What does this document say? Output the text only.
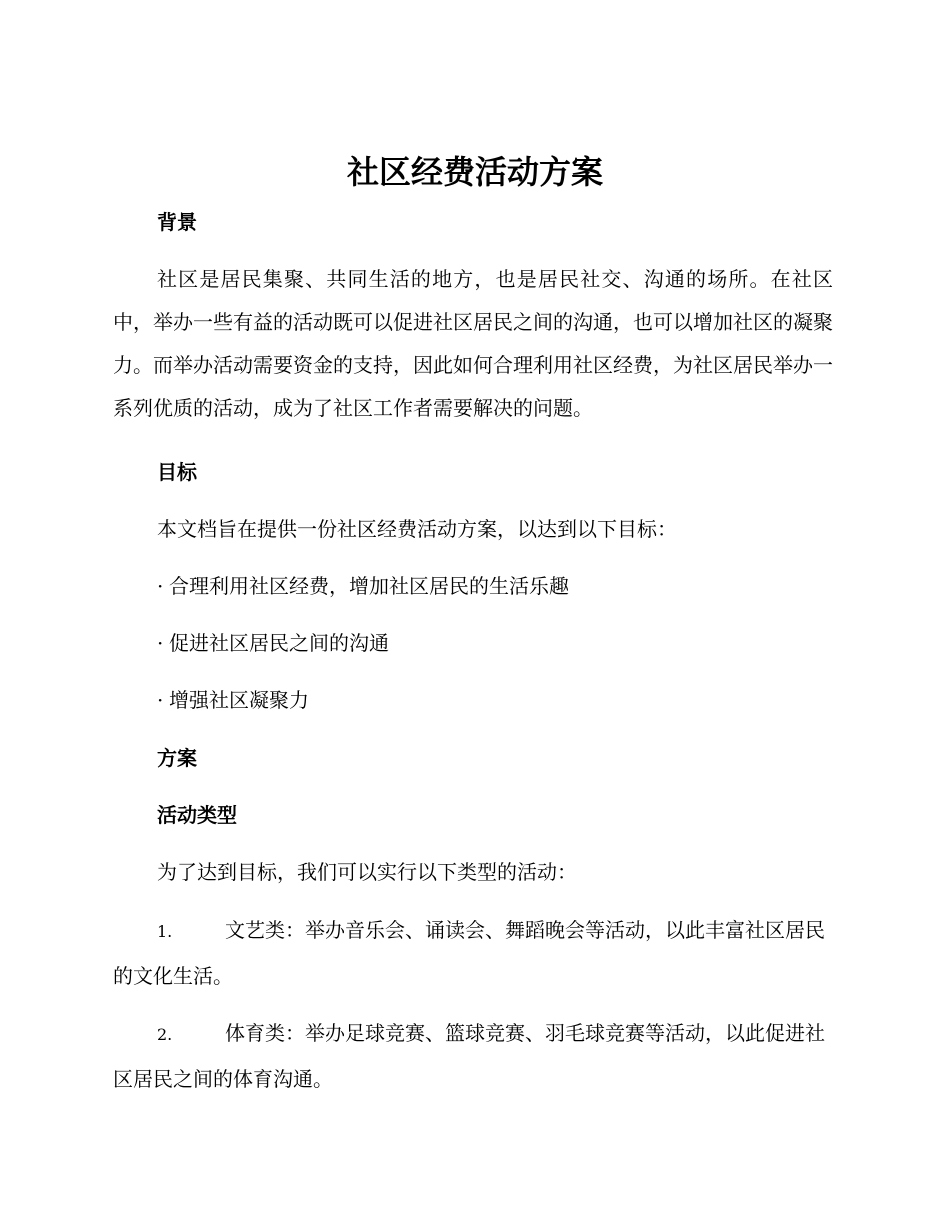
社区经费活动方案
背景

社区是居民集聚、共同生活的地方，也是居民社交、沟通的场所。在社区中，举办一些有益的活动既可以促进社区居民之间的沟通，也可以增加社区的凝聚力。而举办活动需要资金的支持，因此如何合理利用社区经费，为社区居民举办一系列优质的活动，成为了社区工作者需要解决的问题。

目标
本文档旨在提供一份社区经费活动方案，以达到以下目标：
· 合理利用社区经费，增加社区居民的生活乐趣
· 促进社区居民之间的沟通
· 增强社区凝聚力
方案
活动类型
为了达到目标，我们可以实行以下类型的活动：

1.	文艺类：举办音乐会、诵读会、舞蹈晚会等活动，以此丰富社区居民的文化生活。

2.	体育类：举办足球竞赛、篮球竞赛、羽毛球竞赛等活动，以此促进社区居民之间的体育沟通。
